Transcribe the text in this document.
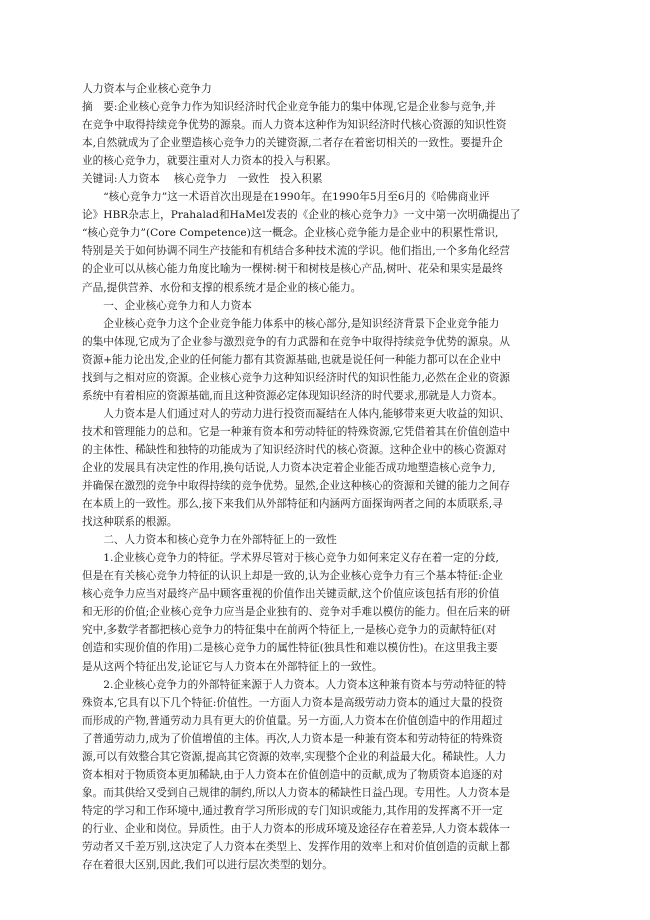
人力资本与企业核心竞争力
摘　要:企业核心竞争力作为知识经济时代企业竞争能力的集中体现,它是企业参与竞争,并
在竞争中取得持续竞争优势的源泉。而人力资本这种作为知识经济时代核心资源的知识性资
本,自然就成为了企业塑造核心竞争力的关键资源,二者存在着密切相关的一致性。要提升企
业的核心竞争力，就要注重对人力资本的投入与积累。
关键词:人力资本　 核心竞争力　一致性　投入积累
　　“核心竞争力”这一术语首次出现是在1990年。在1990年5月至6月的《哈佛商业评
论》HBR杂志上，Prahalad和HaMel发表的《企业的核心竞争力》一文中第一次明确提出了
“核心竞争力”(Core Competence)这一概念。企业核心竞争能力是企业中的积累性常识,
特别是关于如何协调不同生产技能和有机结合多种技术流的学识。他们指出,一个多角化经营
的企业可以从核心能力角度比喻为一棵树:树干和树枝是核心产品,树叶、花朵和果实是最终
产品,提供营养、水份和支撑的根系统才是企业的核心能力。
　　一、企业核心竞争力和人力资本
　　企业核心竞争力这个企业竞争能力体系中的核心部分,是知识经济背景下企业竞争能力
的集中体现,它成为了企业参与激烈竞争的有力武器和在竞争中取得持续竞争优势的源泉。从
资源+能力论出发,企业的任何能力都有其资源基础,也就是说任何一种能力都可以在企业中
找到与之相对应的资源。企业核心竞争力这种知识经济时代的知识性能力,必然在企业的资源
系统中有着相应的资源基础,而且这种资源必定体现知识经济的时代要求,那就是人力资本。
　　人力资本是人们通过对人的劳动力进行投资而凝结在人体内,能够带来更大收益的知识、
技术和管理能力的总和。它是一种兼有资本和劳动特征的特殊资源,它凭借着其在价值创造中
的主体性、稀缺性和独特的功能成为了知识经济时代的核心资源。这种企业中的核心资源对
企业的发展具有决定性的作用,换句话说,人力资本决定着企业能否成功地塑造核心竞争力,
并确保在激烈的竞争中取得持续的竞争优势。显然,企业这种核心的资源和关键的能力之间存
在本质上的一致性。那么,接下来我们从外部特征和内涵两方面探询两者之间的本质联系,寻
找这种联系的根源。
　　二、人力资本和核心竞争力在外部特征上的一致性
　　1.企业核心竞争力的特征。学术界尽管对于核心竞争力如何来定义存在着一定的分歧,
但是在有关核心竞争力特征的认识上却是一致的,认为企业核心竞争力有三个基本特征:企业
核心竞争力应当对最终产品中顾客重视的价值作出关键贡献,这个价值应该包括有形的价值
和无形的价值;企业核心竞争力应当是企业独有的、竞争对手难以模仿的能力。但在后来的研
究中,多数学者都把核心竞争力的特征集中在前两个特征上,一是核心竞争力的贡献特征(对
创造和实现价值的作用)二是核心竞争力的属性特征(独具性和难以模仿性)。在这里我主要
是从这两个特征出发,论证它与人力资本在外部特征上的一致性。
　　2.企业核心竞争力的外部特征来源于人力资本。人力资本这种兼有资本与劳动特征的特
殊资本,它具有以下几个特征:价值性。一方面人力资本是高级劳动力资本的通过大量的投资
而形成的产物,普通劳动力具有更大的价值量。另一方面,人力资本在价值创造中的作用超过
了普通劳动力,成为了价值增值的主体。再次,人力资本是一种兼有资本和劳动特征的特殊资
源,可以有效整合其它资源,提高其它资源的效率,实现整个企业的利益最大化。稀缺性。人力
资本相对于物质资本更加稀缺,由于人力资本在价值创造中的贡献,成为了物质资本追逐的对
象。而其供给又受到自己规律的制约,所以人力资本的稀缺性日益凸现。专用性。人力资本是
特定的学习和工作环境中,通过教育学习所形成的专门知识或能力,其作用的发挥离不开一定
的行业、企业和岗位。异质性。由于人力资本的形成环境及途径存在着差异,人力资本载体一
劳动者又千差万别,这决定了人力资本在类型上、发挥作用的效率上和对价值创造的贡献上都
存在着很大区别,因此,我们可以进行层次类型的划分。
